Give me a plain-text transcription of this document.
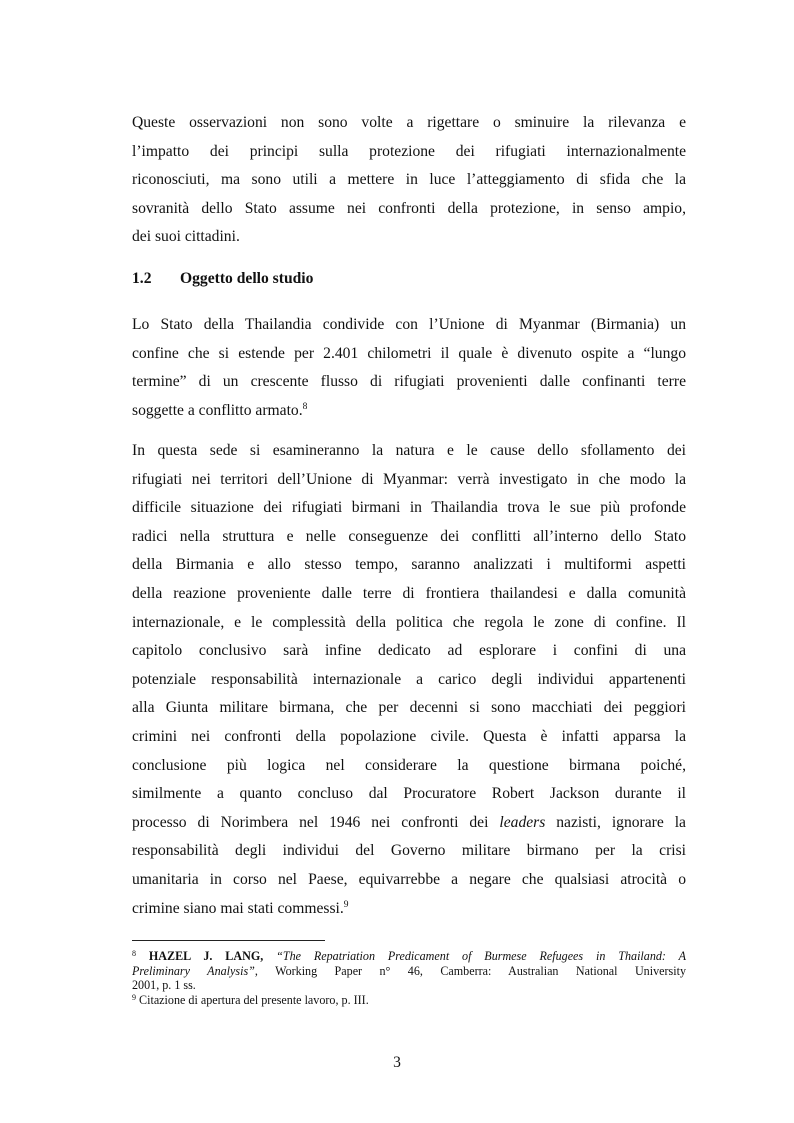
Queste osservazioni non sono volte a rigettare o sminuire la rilevanza e
l’impatto dei principi sulla protezione dei rifugiati internazionalmente
riconosciuti, ma sono utili a mettere in luce l’atteggiamento di sfida che la
sovranità dello Stato assume nei confronti della protezione, in senso ampio,
dei suoi cittadini.
1.2 Oggetto dello studio
Lo Stato della Thailandia condivide con l’Unione di Myanmar (Birmania) un
confine che si estende per 2.401 chilometri il quale è divenuto ospite a “lungo
termine” di un crescente flusso di rifugiati provenienti dalle confinanti terre
soggette a conflitto armato.$^8$
In questa sede si esamineranno la natura e le cause dello sfollamento dei
rifugiati nei territori dell’Unione di Myanmar: verrà investigato in che modo la
difficile situazione dei rifugiati birmani in Thailandia trova le sue più profonde
radici nella struttura e nelle conseguenze dei conflitti all’interno dello Stato
della Birmania e allo stesso tempo, saranno analizzati i multiformi aspetti
della reazione proveniente dalle terre di frontiera thailandesi e dalla comunità
internazionale, e le complessità della politica che regola le zone di confine. Il
capitolo conclusivo sarà infine dedicato ad esplorare i confini di una
potenziale responsabilità internazionale a carico degli individui appartenenti
alla Giunta militare birmana, che per decenni si sono macchiati dei peggiori
crimini nei confronti della popolazione civile. Questa è infatti apparsa la
conclusione più logica nel considerare la questione birmana poiché,
similmente a quanto concluso dal Procuratore Robert Jackson durante il
processo di Norimbera nel 1946 nei confronti dei leaders nazisti, ignorare la
responsabilità degli individui del Governo militare birmano per la crisi
umanitaria in corso nel Paese, equivarrebbe a negare che qualsiasi atrocità o
crimine siano mai stati commessi.$^9$
$^8$ HAZEL J. LANG, “The Repatriation Predicament of Burmese Refugees in Thailand: A
Preliminary Analysis”, Working Paper n° 46, Camberra: Australian National University
2001, p. 1 ss.
$^9$ Citazione di apertura del presente lavoro, p. III.
3
